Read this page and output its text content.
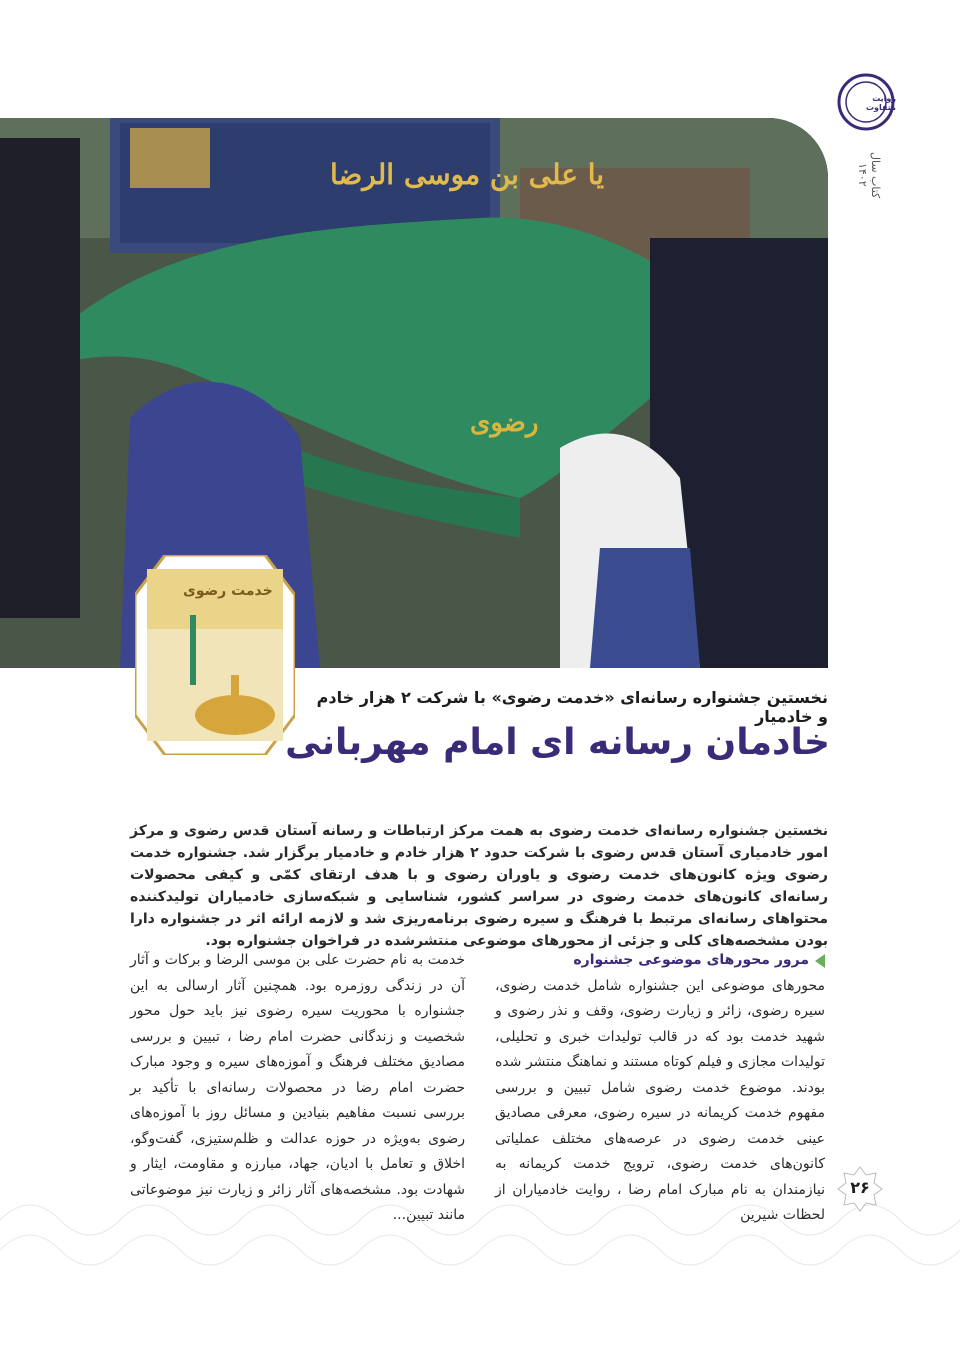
یا علی بن موسی الرضا
رضوی
خدمت رضوی
روایت متفاوت
کتاب سال ۱۴۰۲
نخستین جشنواره رسانه‌ای «خدمت رضوی» با شرکت ۲ هزار خادم و خادمیار
خادمان رسانه ای امام مهربانی
نخستین جشنواره رسانه‌ای خدمت رضوی به همت مرکز ارتباطات و رسانه آستان قدس رضوی و مرکز امور خادمیاری آستان قدس رضوی با شرکت حدود ۲ هزار خادم و خادمیار برگزار شد. جشنواره خدمت رضوی ویژه کانون‌های خدمت رضوی و یاوران رضوی و با هدف ارتقای کمّی و کیفی محصولات رسانه‌ای کانون‌های خدمت رضوی در سراسر کشور، شناسایی و شبکه‌سازی خادمیاران تولیدکننده محتواهای رسانه‌ای مرتبط با فرهنگ و سیره رضوی برنامه‌ریزی شد و لازمه ارائه اثر در جشنواره دارا بودن مشخصه‌های کلی و جزئی از محورهای موضوعی منتشرشده در فراخوان جشنواره بود.
مرور محورهای موضوعی جشنواره
محورهای موضوعی این جشنواره شامل خدمت رضوی، سیره رضوی، زائر و زیارت رضوی، وقف و نذر رضوی و شهید خدمت بود که در قالب تولیدات خبری و تحلیلی، تولیدات مجازی و فیلم کوتاه مستند و نماهنگ منتشر شده بودند. موضوع خدمت رضوی شامل تبیین و بررسی مفهوم خدمت کریمانه در سیره رضوی، معرفی مصادیق عینی خدمت رضوی در عرصه‌های مختلف عملیاتی کانون‌های خدمت رضوی، ترویج خدمت کریمانه به نیازمندان به نام مبارک امام رضا ، روایت خادمیاران از لحظات شیرین
خدمت به نام حضرت علی بن موسی الرضا و برکات و آثار آن در زندگی روزمره بود. همچنین آثار ارسالی به این جشنواره با محوریت سیره رضوی نیز باید حول محور شخصیت و زندگانی حضرت امام رضا ، تبیین و بررسی مصادیق مختلف فرهنگ و آموزه‌های سیره و وجود مبارک حضرت امام رضا در محصولات رسانه‌ای با تأکید بر بررسی نسبت مفاهیم بنیادین و مسائل روز با آموزه‌های رضوی به‌ویژه در حوزه عدالت و ظلم‌ستیزی، گفت‌وگو، اخلاق و تعامل با ادیان، جهاد، مبارزه و مقاومت، ایثار و شهادت بود. مشخصه‌های آثار زائر و زیارت نیز موضوعاتی مانند تبیین...
۲۶
